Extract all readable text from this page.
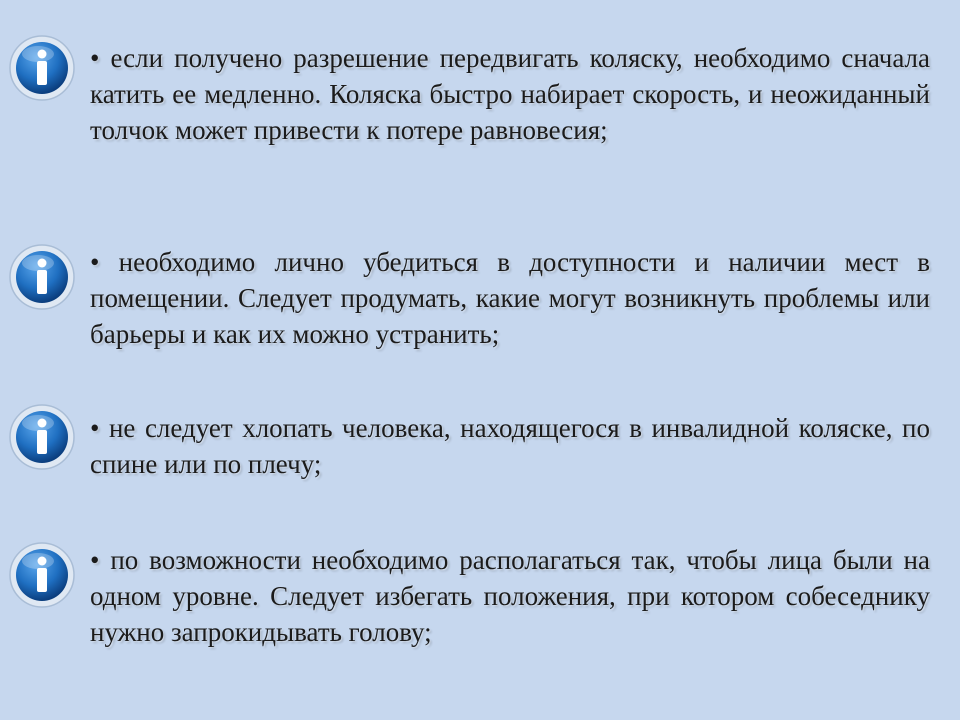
• если получено разрешение передвигать коляску, необходимо сначала катить ее медленно. Коляска быстро набирает скорость, и неожиданный толчок может привести к потере равновесия;
• необходимо лично убедиться в доступности и наличии мест в помещении. Следует продумать, какие могут возникнуть проблемы или барьеры и как их можно устранить;
• не следует хлопать человека, находящегося в инвалидной коляске, по спине или по плечу;
• по возможности необходимо располагаться так, чтобы лица были на одном уровне. Следует избегать положения, при котором собеседнику нужно запрокидывать голову;
